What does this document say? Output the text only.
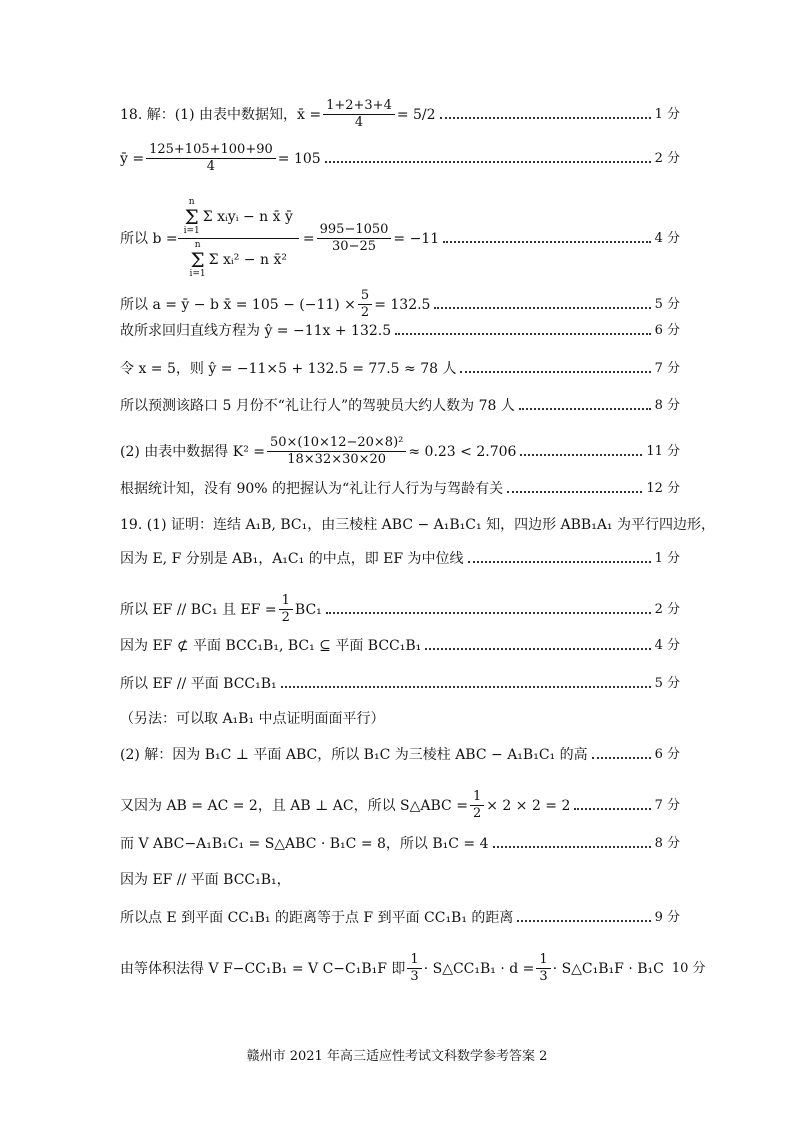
18. 解：(1) 由表中数据知，x̄ = $\frac{1+2+3+4}{4} = 5/2$	1 分
ȳ = $\frac{125+105+100+90}{4} = 105$	2 分
所以 b =
n
Σ
i=1
Σ xᵢyᵢ − n x̄ ȳ
n
Σ
i=1
Σ xᵢ² − n x̄²
= $\frac{995-1050}{30-25} = -11$	4 分
所以 a = ȳ − b x̄ = $105 - (-11) \times \frac{5}{2} = 132.5$	5 分
故所求回归直线方程为 ŷ = −11x + 132.5	6 分
令 x = 5，则 ŷ = −11×5 + 132.5 = 77.5 ≈ 78 人	7 分
所以预测该路口 5 月份不“礼让行人”的驾驶员大约人数为 78 人	8 分
(2) 由表中数据得 $K^2 = \frac{\text{50×(10×12−20×8)²}}{18\times 32\times 30\times 20} \approx 0.23 < 2.706$	11 分
根据统计知，没有 90% 的把握认为“礼让行人行为与驾龄有关	12 分
19. (1) 证明：连结 A₁B, BC₁，由三棱柱 ABC − A₁B₁C₁ 知，四边形 ABB₁A₁ 为平行四边形，
因为 E, F 分别是 AB₁，A₁C₁ 的中点，即 EF 为中位线	1 分
所以 EF // BC₁ 且 EF = $\frac{1}{2} BC_1$	2 分
因为 EF ⊄ 平面 BCC₁B₁, BC₁ ⊆ 平面 BCC₁B₁	4 分
所以 EF // 平面 BCC₁B₁	5 分
（另法：可以取 A₁B₁ 中点证明面面平行）
(2) 解：因为 B₁C ⊥ 平面 ABC，所以 B₁C 为三棱柱 ABC − A₁B₁C₁ 的高	6 分
又因为 AB = AC = 2，且 AB ⊥ AC，所以 S△ABC = $\frac{1}{2} \times 2 \times 2 = 2$	7 分
而 V ABC−A₁B₁C₁ = S△ABC · B₁C = 8，所以 B₁C = 4	8 分
因为 EF // 平面 BCC₁B₁，
所以点 E 到平面 CC₁B₁ 的距离等于点 F 到平面 CC₁B₁ 的距离	9 分
由等体积法得 V F−CC₁B₁ = V C−C₁B₁F 即 $\frac{1}{3}$ · S△CC₁B₁ · $d = \frac{1}{3}$ · S△C₁B₁F · B₁C 10 分
赣州市 2021 年高三适应性考试文科数学参考答案 2
